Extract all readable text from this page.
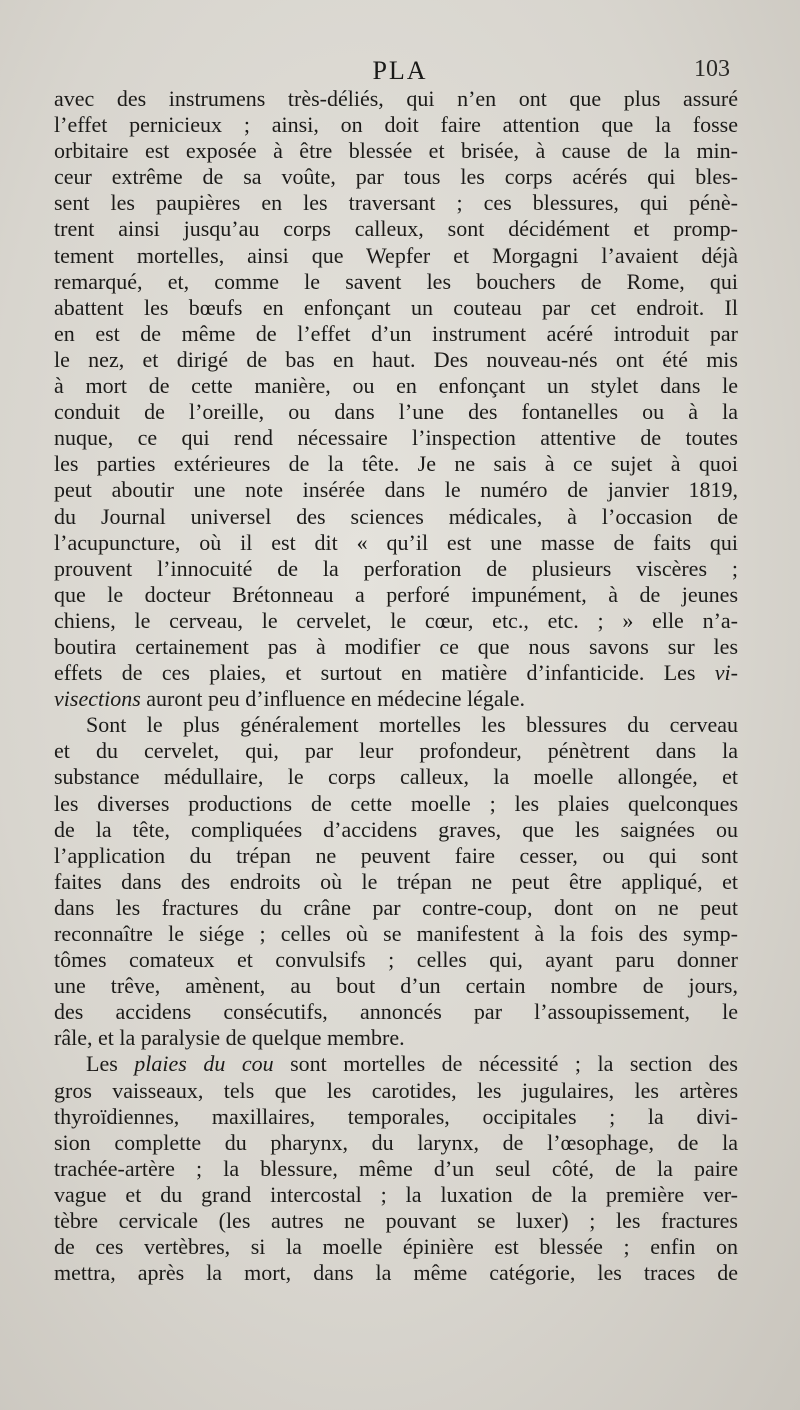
PLA	103
avec des instrumens très-déliés, qui n’en ont que plus assuré
l’effet pernicieux ; ainsi, on doit faire attention que la fosse
orbitaire est exposée à être blessée et brisée, à cause de la min-
ceur extrême de sa voûte, par tous les corps acérés qui bles-
sent les paupières en les traversant ; ces blessures, qui pénè-
trent ainsi jusqu’au corps calleux, sont décidément et promp-
tement mortelles, ainsi que Wepfer et Morgagni l’avaient déjà
remarqué, et, comme le savent les bouchers de Rome, qui
abattent les bœufs en enfonçant un couteau par cet endroit. Il
en est de même de l’effet d’un instrument acéré introduit par
le nez, et dirigé de bas en haut. Des nouveau-nés ont été mis
à mort de cette manière, ou en enfonçant un stylet dans le
conduit de l’oreille, ou dans l’une des fontanelles ou à la
nuque, ce qui rend nécessaire l’inspection attentive de toutes
les parties extérieures de la tête. Je ne sais à ce sujet à quoi
peut aboutir une note insérée dans le numéro de janvier 1819,
du Journal universel des sciences médicales, à l’occasion de
l’acupuncture, où il est dit « qu’il est une masse de faits qui
prouvent l’innocuité de la perforation de plusieurs viscères ;
que le docteur Brétonneau a perforé impunément, à de jeunes
chiens, le cerveau, le cervelet, le cœur, etc., etc. ; » elle n’a-
boutira certainement pas à modifier ce que nous savons sur les
effets de ces plaies, et surtout en matière d’infanticide. Les vi-
visections auront peu d’influence en médecine légale.
Sont le plus généralement mortelles les blessures du cerveau
et du cervelet, qui, par leur profondeur, pénètrent dans la
substance médullaire, le corps calleux, la moelle allongée, et
les diverses productions de cette moelle ; les plaies quelconques
de la tête, compliquées d’accidens graves, que les saignées ou
l’application du trépan ne peuvent faire cesser, ou qui sont
faites dans des endroits où le trépan ne peut être appliqué, et
dans les fractures du crâne par contre-coup, dont on ne peut
reconnaître le siége ; celles où se manifestent à la fois des symp-
tômes comateux et convulsifs ; celles qui, ayant paru donner
une trêve, amènent, au bout d’un certain nombre de jours,
des accidens consécutifs, annoncés par l’assoupissement, le
râle, et la paralysie de quelque membre.
Les plaies du cou sont mortelles de nécessité ; la section des
gros vaisseaux, tels que les carotides, les jugulaires, les artères
thyroïdiennes, maxillaires, temporales, occipitales ; la divi-
sion complette du pharynx, du larynx, de l’œsophage, de la
trachée-artère ; la blessure, même d’un seul côté, de la paire
vague et du grand intercostal ; la luxation de la première ver-
tèbre cervicale (les autres ne pouvant se luxer) ; les fractures
de ces vertèbres, si la moelle épinière est blessée ; enfin on
mettra, après la mort, dans la même catégorie, les traces de
